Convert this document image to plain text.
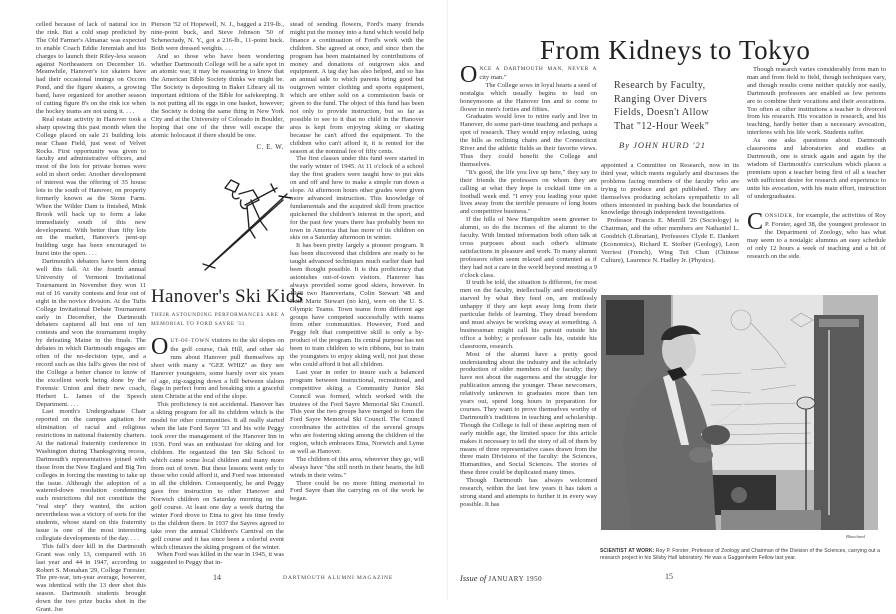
celled because of lack of natural ice in the rink. But a cold snap predicted by The Old Farmer's Almanac was expected to enable Coach Eddie Jeremiah and his charges to launch their Riley-less season against Northeastern on December 16. Meanwhile, Hanover's ice skaters have had their occasional innings on Occom Pond, and the figure skaters, a growing band, have organized for another season of cutting figure 8's on the rink ice when the hockey teams are not using it. . . .

Real estate activity in Hanover took a sharp upswing this past month when the College placed on sale 21 building lots near Chase Field, just west of Velvet Rocks. First opportunity was given to faculty and administrative officers, and most of the lots for private homes were sold in short order. Another development of interest was the offering of 35 house lots to the south of Hanover, on property formerly known as the Stone Farm. When the Wilder Dam is finished, Mink Brook will back up to form a lake immediately south of this new development. With better than fifty lots on the market, Hanover's pent-up building urge has been encouraged to burst into the open. . . .

Dartmouth's debaters have been doing well this fall. At the fourth annual University of Vermont Invitational Tournament in November they won 11 out of 16 varsity contests and four out of eight in the novice division. At the Tufts College Invitational Debate Tournament early in December, the Dartmouth debaters captured all but one of ten contests and won the tournament trophy by defeating Maine in the finals. The debates in which Dartmouth engages are often of the no-decision type, and a record such as this fall's gives the rest of the College a better chance to know of the excellent work being done by the Forensic Union and their new coach, Herbert L. James of the Speech Department. . . .

Last month's Undergraduate Chair reported on the campus agitation for elimination of racial and religious restrictions in national fraternity charters. At the national fraternity conference in Washington during Thanksgiving recess, Dartmouth's representatives joined with those from the New England and Big Ten colleges in forcing the meeting to take up the issue. Although the adoption of a watered-down resolution condemning such restrictions did not constitute the "real step" they wanted, the action nevertheless was a victory of sorts for the students, whose stand on this fraternity issue is one of the most interesting collegiate developments of the day. . . .

This fall's deer kill in the Dartmouth Grant was only 13, compared with 16 last year and 44 in 1947, according to Robert S. Monahan '29, College Forester. The pre-war, ten-year average, however, was identical with the 13 deer shot this season. Dartmouth students brought down the two prize bucks shot in the Grant. Joe

Pierson '52 of Hopewell, N. J., bagged a 219-lb., nine-point buck, and Steve Johnson '50 of Schenectady, N. Y., got a 216-lb., 11-point buck. Both were dressed weights. . . .

And so those who have been wondering whether Dartmouth College will be a safe spot in an atomic war, it may be reassuring to know that the American Bible Society thinks we might be. The Society is depositing in Baker Library all its important editions of the Bible for safekeeping. It is not putting all its eggs in one basket, however; the Society is doing the same thing in New York City and at the University of Colorado in Boulder, hoping that one of the three will escape the atomic holocaust if there should be one.

C. E. W.
Hanover's Ski Kids
THEIR ASTOUNDING PERFORMANCES ARE A MEMORIAL TO FORD SAYRE '33

O UT-OF-TOWN visitors to the ski slopes on the golf course, Oak Hill, and other ski runs about Hanover pull themselves up short with many a "GEE WHIZ" as they see Hanover youngsters, some barely over six years of age, zig-zagging down a hill between slalom flags in perfect form and breaking into a graceful stem Christie at the end of the slope.

This proficiency is not accidental. Hanover has a skiing program for all its children which is the model for other communities. It all really started when the late Ford Sayre '33 and his wife Peggy took over the management of the Hanover Inn in 1936. Ford was an enthusiast for skiing and for children. He organized the Inn Ski School to which came some local children and many more from out of town. But these lessons went only to those who could afford it, and Ford was interested in all the children. Consequently, he and Peggy gave free instruction to other Hanover and Norwich children on Saturday morning on the golf course. At least one day a week during the winter Ford drove to Etna to give his time freely to the children there. In 1937 the Sayres agreed to take over the annual Children's Carnival on the golf course and it has since been a colorful event which climaxes the skiing program of the winter.

When Ford was killed in the war in 1945, it was suggested to Peggy that in-

stead of sending flowers, Ford's many friends might put the money into a fund which would help finance a continuation of Ford's work with the children. She agreed at once, and since then the program has been maintained by contributions of money and donations of outgrown skis and equipment. A tag day has also helped, and so has an annual sale to which parents bring good but outgrown winter clothing and sports equipment, which are either sold on a commission basis or given to the fund. The object of this fund has been not only to provide instruction, but so far as possible to see to it that no child in the Hanover area is kept from enjoying skiing or skating because he can't afford the equipment. To the children who can't afford it, it is rented for the season at the nominal fee of fifty cents.

The first classes under this fund were started in the early winter of 1945. At 11 o'clock of a school day the first graders were taught how to put skis on and off and how to make a simple run down a slope. At afternoon hours other grades were given more advanced instruction. This knowledge of fundamentals and the acquired skill from practice quickened the children's interest in the sport, and for the past few years there has probably been no town in America that has more of its children on skis on a Saturday afternoon in winter.

It has been pretty largely a pioneer program. It has been discovered that children are ready to be taught advanced techniques much earlier than had been thought possible. It is this proficiency that astonishes out-of-town visitors. Hanover has always provided some good skiers, however. In 1948 two Hanoverians, Colin Stewart '48 and Ruth Marie Stewart (no kin), were on the U. S. Olympic Teams. Town teams from different age groups have competed successfully with teams from other communities. However, Ford and Peggy felt that competitive skill is only a by-product of the program. Its central purpose has not been to train children to win ribbons, but to train the youngsters to enjoy skiing well, not just those who could afford it but all children.

Last year in order to insure such a balanced program between instructional, recreational, and competitive skiing a Community Junior Ski Council was formed, which worked with the trustees of the Ford Sayre Memorial Ski Council. This year the two groups have merged to form the Ford Sayre Memorial Ski Council. The Council coordinates the activities of the several groups who are fostering skiing among the children of the region, which embraces Etna, Norwich and Lyme as well as Hanover.

The children of this area, wherever they go, will always have "the still north in their hearts, the hill winds in their veins."

There could be no more fitting memorial to Ford Sayre than the carrying on of the work he began.

14	DARTMOUTH ALUMNI MAGAZINE
From Kidneys to Tokyo
Research by Faculty, Ranging Over Divers Fields, Doesn't Allow That "12-Hour Week"
By JOHN HURD '21

O NCE A DARTMOUTH MAN, NEVER A city man."

The College sows in loyal hearts a seed of nostalgia which usually begins to bud on honeymoons at the Hanover Inn and to come to flower in men's forties and fifties.

Graduates would love to retire early and live in Hanover, do some part-time teaching and perhaps a spot of research. They would enjoy relaxing, using the hills as reclining chairs and the Connecticut River and the athletic fields as their favorite views. Thus they could benefit the College and themselves.

"It's good, the life you live up here," they say to their friends the professors on whom they are calling at what they hope is cocktail time on a football week end. "I envy you leading your quiet lives away from the terrible pressure of long hours and competitive business."

If the hills of New Hampshire seem greener to alumni, so do the incomes of the alumni to the faculty. With limited information both often talk at cross purposes about each other's ultimate satisfactions in pleasure and work. To many alumni professors often seem relaxed and contented as if they had not a care in the world beyond meeting a 9 o'clock class.

If truth be told, the situation is different, for most men on the faculty, intellectually and emotionally starved by what they feed on, are restlessly unhappy if they are kept away long from their particular fields of learning. They dread boredom and must always be working away at something. A businessman might call his pursuit outside his office a hobby; a professor calls his, outside his classroom, research.

Most of the alumni have a pretty good understanding about the industry and the scholarly production of older members of the faculty; they have not about the eagerness and the struggle for publication among the younger. These newcomers, relatively unknown to graduates more than ten years out, spend long hours in preparation for courses. They want to prove themselves worthy of Dartmouth's traditions in teaching and scholarship. Though the College is full of these aspiring men of early middle age, the limited space for this article makes it necessary to tell the story of all of them by means of three representative cases drawn from the three main Divisions of the faculty: the Sciences, Humanities, and Social Sciences. The stories of these three could be duplicated many times.

Though Dartmouth has always welcomed research, within the last few years it has taken a strong stand and attempts to further it in every way possible. It has

appointed a Committee on Research, now in its third year, which meets regularly and discusses the problems facing members of the faculty who are trying to produce and get published. They are themselves producing scholars sympathetic to all others interested in pushing back the boundaries of knowledge through independent investigations.

Professor Francis E. Merrill '26 (Sociology) is Chairman, and the other members are Nathaniel L. Goodrich (Librarian), Professors Clyde E. Dankert (Economics), Richard E. Stoiber (Geology), Leon Verriest (French), Wing Tsit Chan (Chinese Culture), Laurence N. Hadley Jr. (Physics).

Though research varies considerably from man to man and from field to field, though techniques vary, and though results come neither quickly nor easily, Dartmouth professors are enabled as few persons are to combine their vocations and their avocations. Too often at other institutions a teacher is divorced from his research. His vocation is research, and his teaching, hardly better than a necessary avocation, interferes with his life work. Students suffer.

As one asks questions about Dartmouth classrooms and laboratories and studies at Dartmouth, one is struck again and again by the wisdom of Dartmouth's curriculum which places a premium upon a teacher being first of all a teacher with sufficient desire for research and experience to unite his avocation, with his main effort, instruction of undergraduates.

C ONSIDER, for example, the activities of Roy P. Forster, aged 38, the youngest professor in the Department of Zoology, who has what may seem to a nostalgic alumnus an easy schedule of only 12 hours a week of teaching and a bit of research on the side.

Blanchard
SCIENTIST AT WORK: Roy P. Forster, Professor of Zoology and Chairman of the Division of the Sciences, carrying out a research project in his Silsby Hall laboratory. He was a Guggenheim Fellow last year.
Issue of JANUARY 1950	15
